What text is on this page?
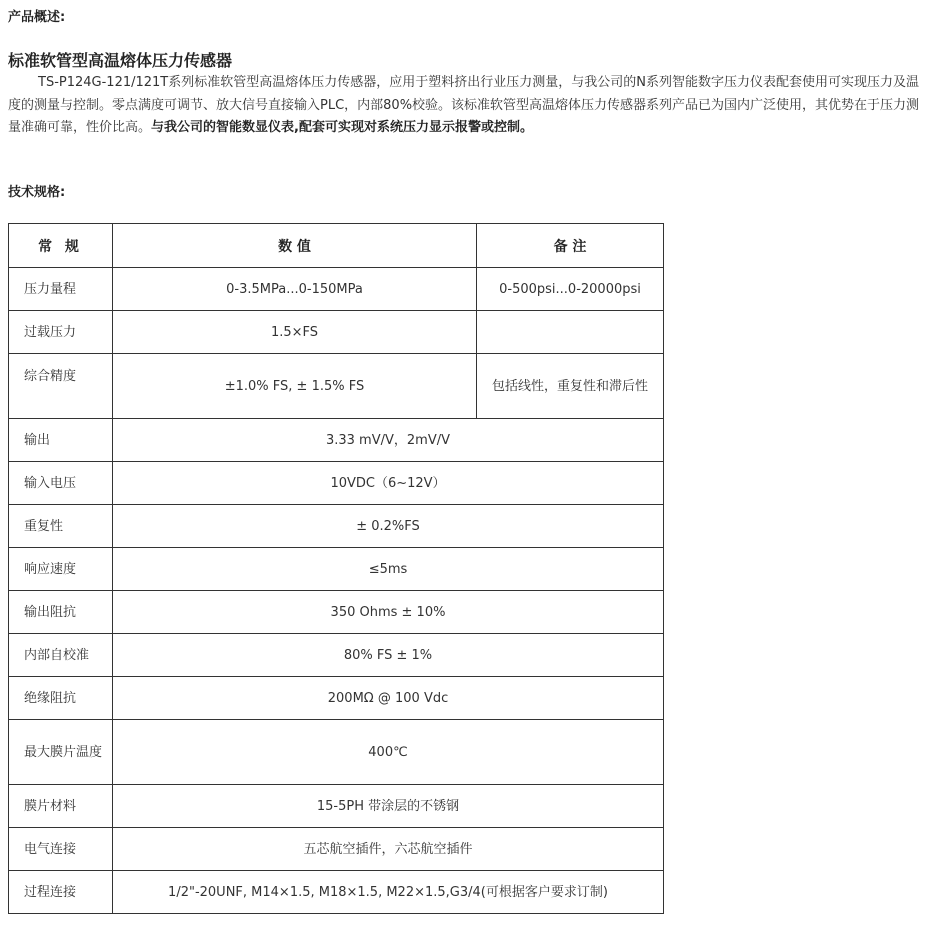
产品概述:
标准软管型高温熔体压力传感器

TS-P124G-121/121T系列标准软管型高温熔体压力传感器，应用于塑料挤出行业压力测量，与我公司的N系列智能数字压力仪表配套使用可实现压力及温度的测量与控制。零点满度可调节、放大信号直接输入PLC，内部80%校验。该标准软管型高温熔体压力传感器系列产品已为国内广泛使用，其优势在于压力测量准确可靠，性价比高。与我公司的智能数显仪表,配套可实现对系统压力显示报警或控制。

技术规格:
常 规	数 值	备 注
压力量程	0-3.5MPa...0-150MPa	0-500psi...0-20000psi
过载压力	1.5×FS	
综合精度	±1.0% FS, ± 1.5% FS	包括线性，重复性和滞后性
输出	3.33 mV/V，2mV/V	
输入电压	10VDC（6~12V）	
重复性	± 0.2%FS	
响应速度	≤5ms	
输出阻抗	350 Ohms ± 10%	
内部自校准	80% FS ± 1%	
绝缘阻抗	200MΩ @ 100 Vdc	
最大膜片温度	400℃	
膜片材料	15-5PH 带涂层的不锈钢	
电气连接	五芯航空插件，六芯航空插件	
过程连接	1/2"-20UNF, M14×1.5, M18×1.5, M22×1.5,G3/4(可根据客户要求订制)	
